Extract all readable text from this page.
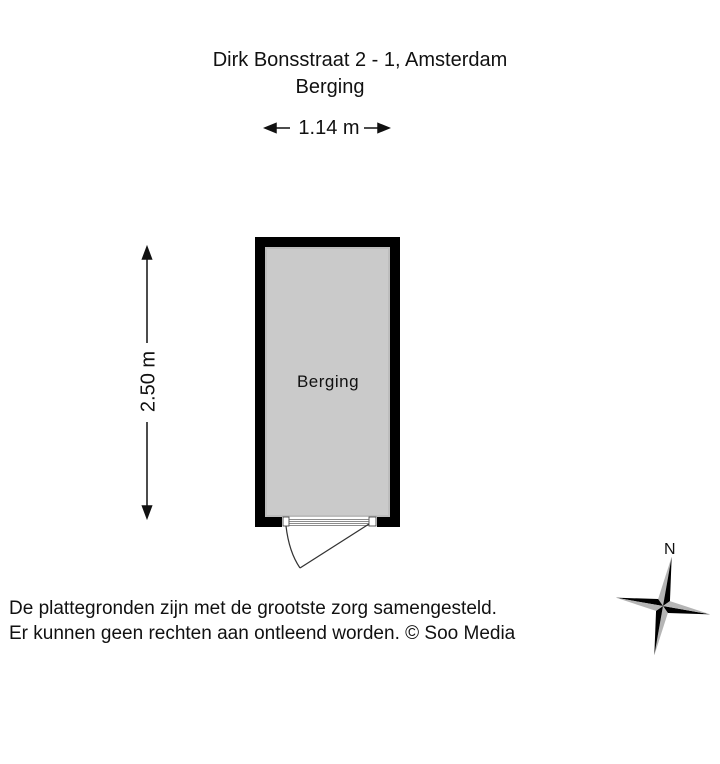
Dirk Bonsstraat 2 - 1, Amsterdam
Berging
1.14 m
2.50 m	Berging
N
De plattegronden zijn met de grootste zorg samengesteld.
Er kunnen geen rechten aan ontleend worden. © Soo Media
